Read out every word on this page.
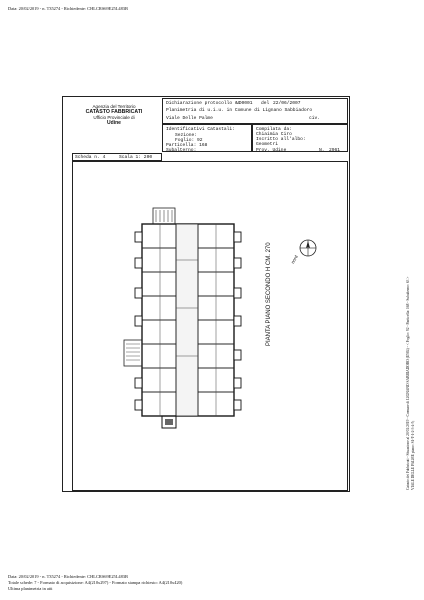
Data: 20/02/2019 - n. T35274 - Richiedente: CHLCRS69E25L483B
Agenzia del Territorio
CATASTO FABBRICATI
Ufficio Provinciale di
Udine
Dichiarazione protocollo n.
UD0001 del 22/06/2007
Planimetria di u.i.u. in Comune di Lignano Sabbiadoro
Viale Delle Palme	civ.
Identificativi Catastali:
Sezione:
Foglio: 92
Particella: 168
Subalterno:
Compilata da:
Chiaimia Ciro
Iscritto all'albo:
Geometri
Prov. Udine	N. 2961
Scheda n. 4	Scala 1: 200
nord
PIANTA PIANO SECONDO H CM. 270	Catasto dei Fabbricati - Situazione al 20/02/2019 - Comune di LIGNANO SABBIADORO (E584) - < Foglio: 92 - Particella: 168 - Subalterno: 63 > VIALE DELLE PALME piano: S1-T-1-2-3-4-5;
Data: 20/02/2019 - n. T35274 - Richiedente: CHLCRS69E25L483B
Totale schede: 7 - Formato di acquisizione: A4(210x297) - Formato stampa richiesto: A4(210x420)
Ultima planimetria in atti
